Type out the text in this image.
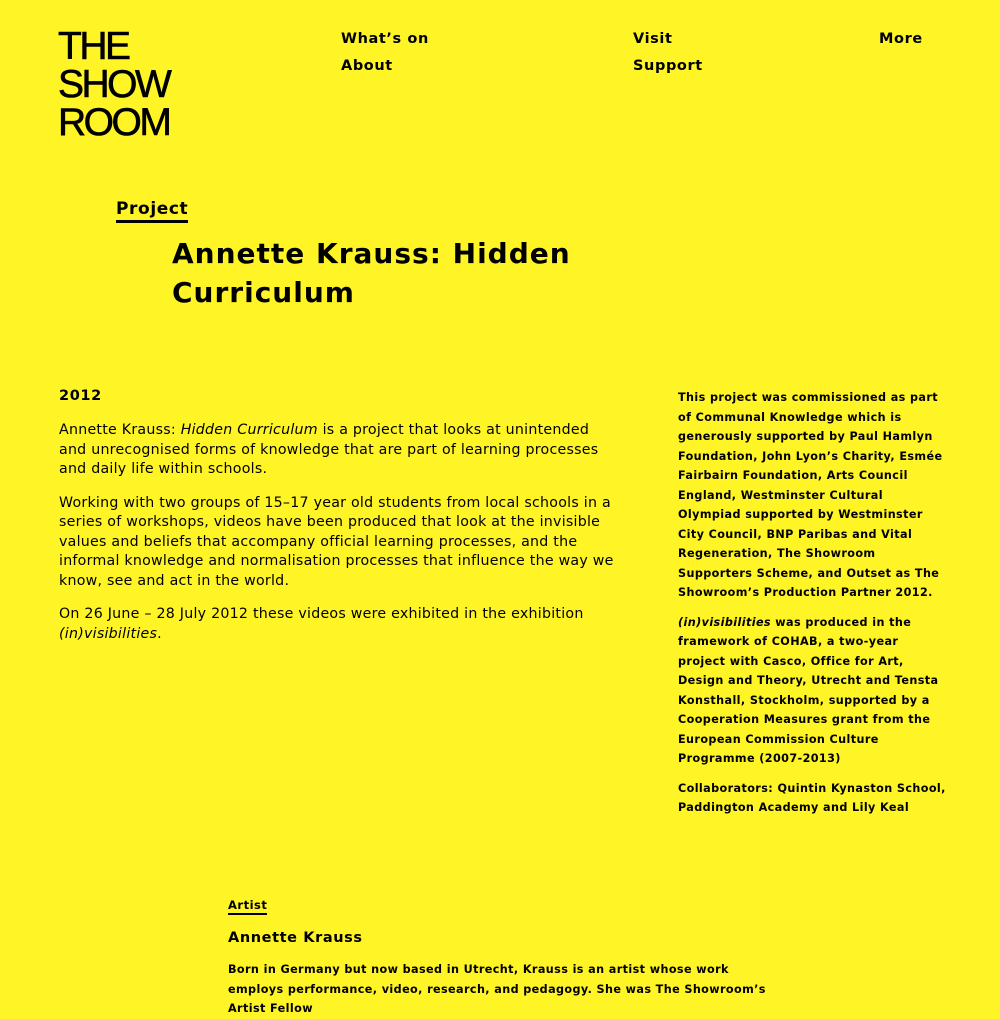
THE
SHOW
ROOM
What’s on
About
Visit
Support
More
Project
Annette Krauss: Hidden Curriculum
2012

Annette Krauss: Hidden Curriculum is a project that looks at unintended and unrecognised forms of knowledge that are part of learning processes and daily life within schools.

Working with two groups of 15–17 year old students from local schools in a series of workshops, videos have been produced that look at the invisible values and beliefs that accompany official learning processes, and the informal knowledge and normalisation processes that influence the way we know, see and act in the world.

On 26 June – 28 July 2012 these videos were exhibited in the exhibition (in)visibilities.

This project was commissioned as part of Communal Knowledge which is generously supported by Paul Hamlyn Foundation, John Lyon’s Charity, Esmée Fairbairn Foundation, Arts Council England, Westminster Cultural Olympiad supported by Westminster City Council, BNP Paribas and Vital Regeneration, The Showroom Supporters Scheme, and Outset as The Showroom’s Production Partner 2012.

(in)visibilities was produced in the framework of COHAB, a two-year project with Casco, Office for Art, Design and Theory, Utrecht and Tensta Konsthall, Stockholm, supported by a Cooperation Measures grant from the European Commission Culture Programme (2007-2013)

Collaborators: Quintin Kynaston School, Paddington Academy and Lily Keal

Artist
Annette Krauss

Born in Germany but now based in Utrecht, Krauss is an artist whose work employs performance, video, research, and pedagogy. She was The Showroom’s Artist Fellow
